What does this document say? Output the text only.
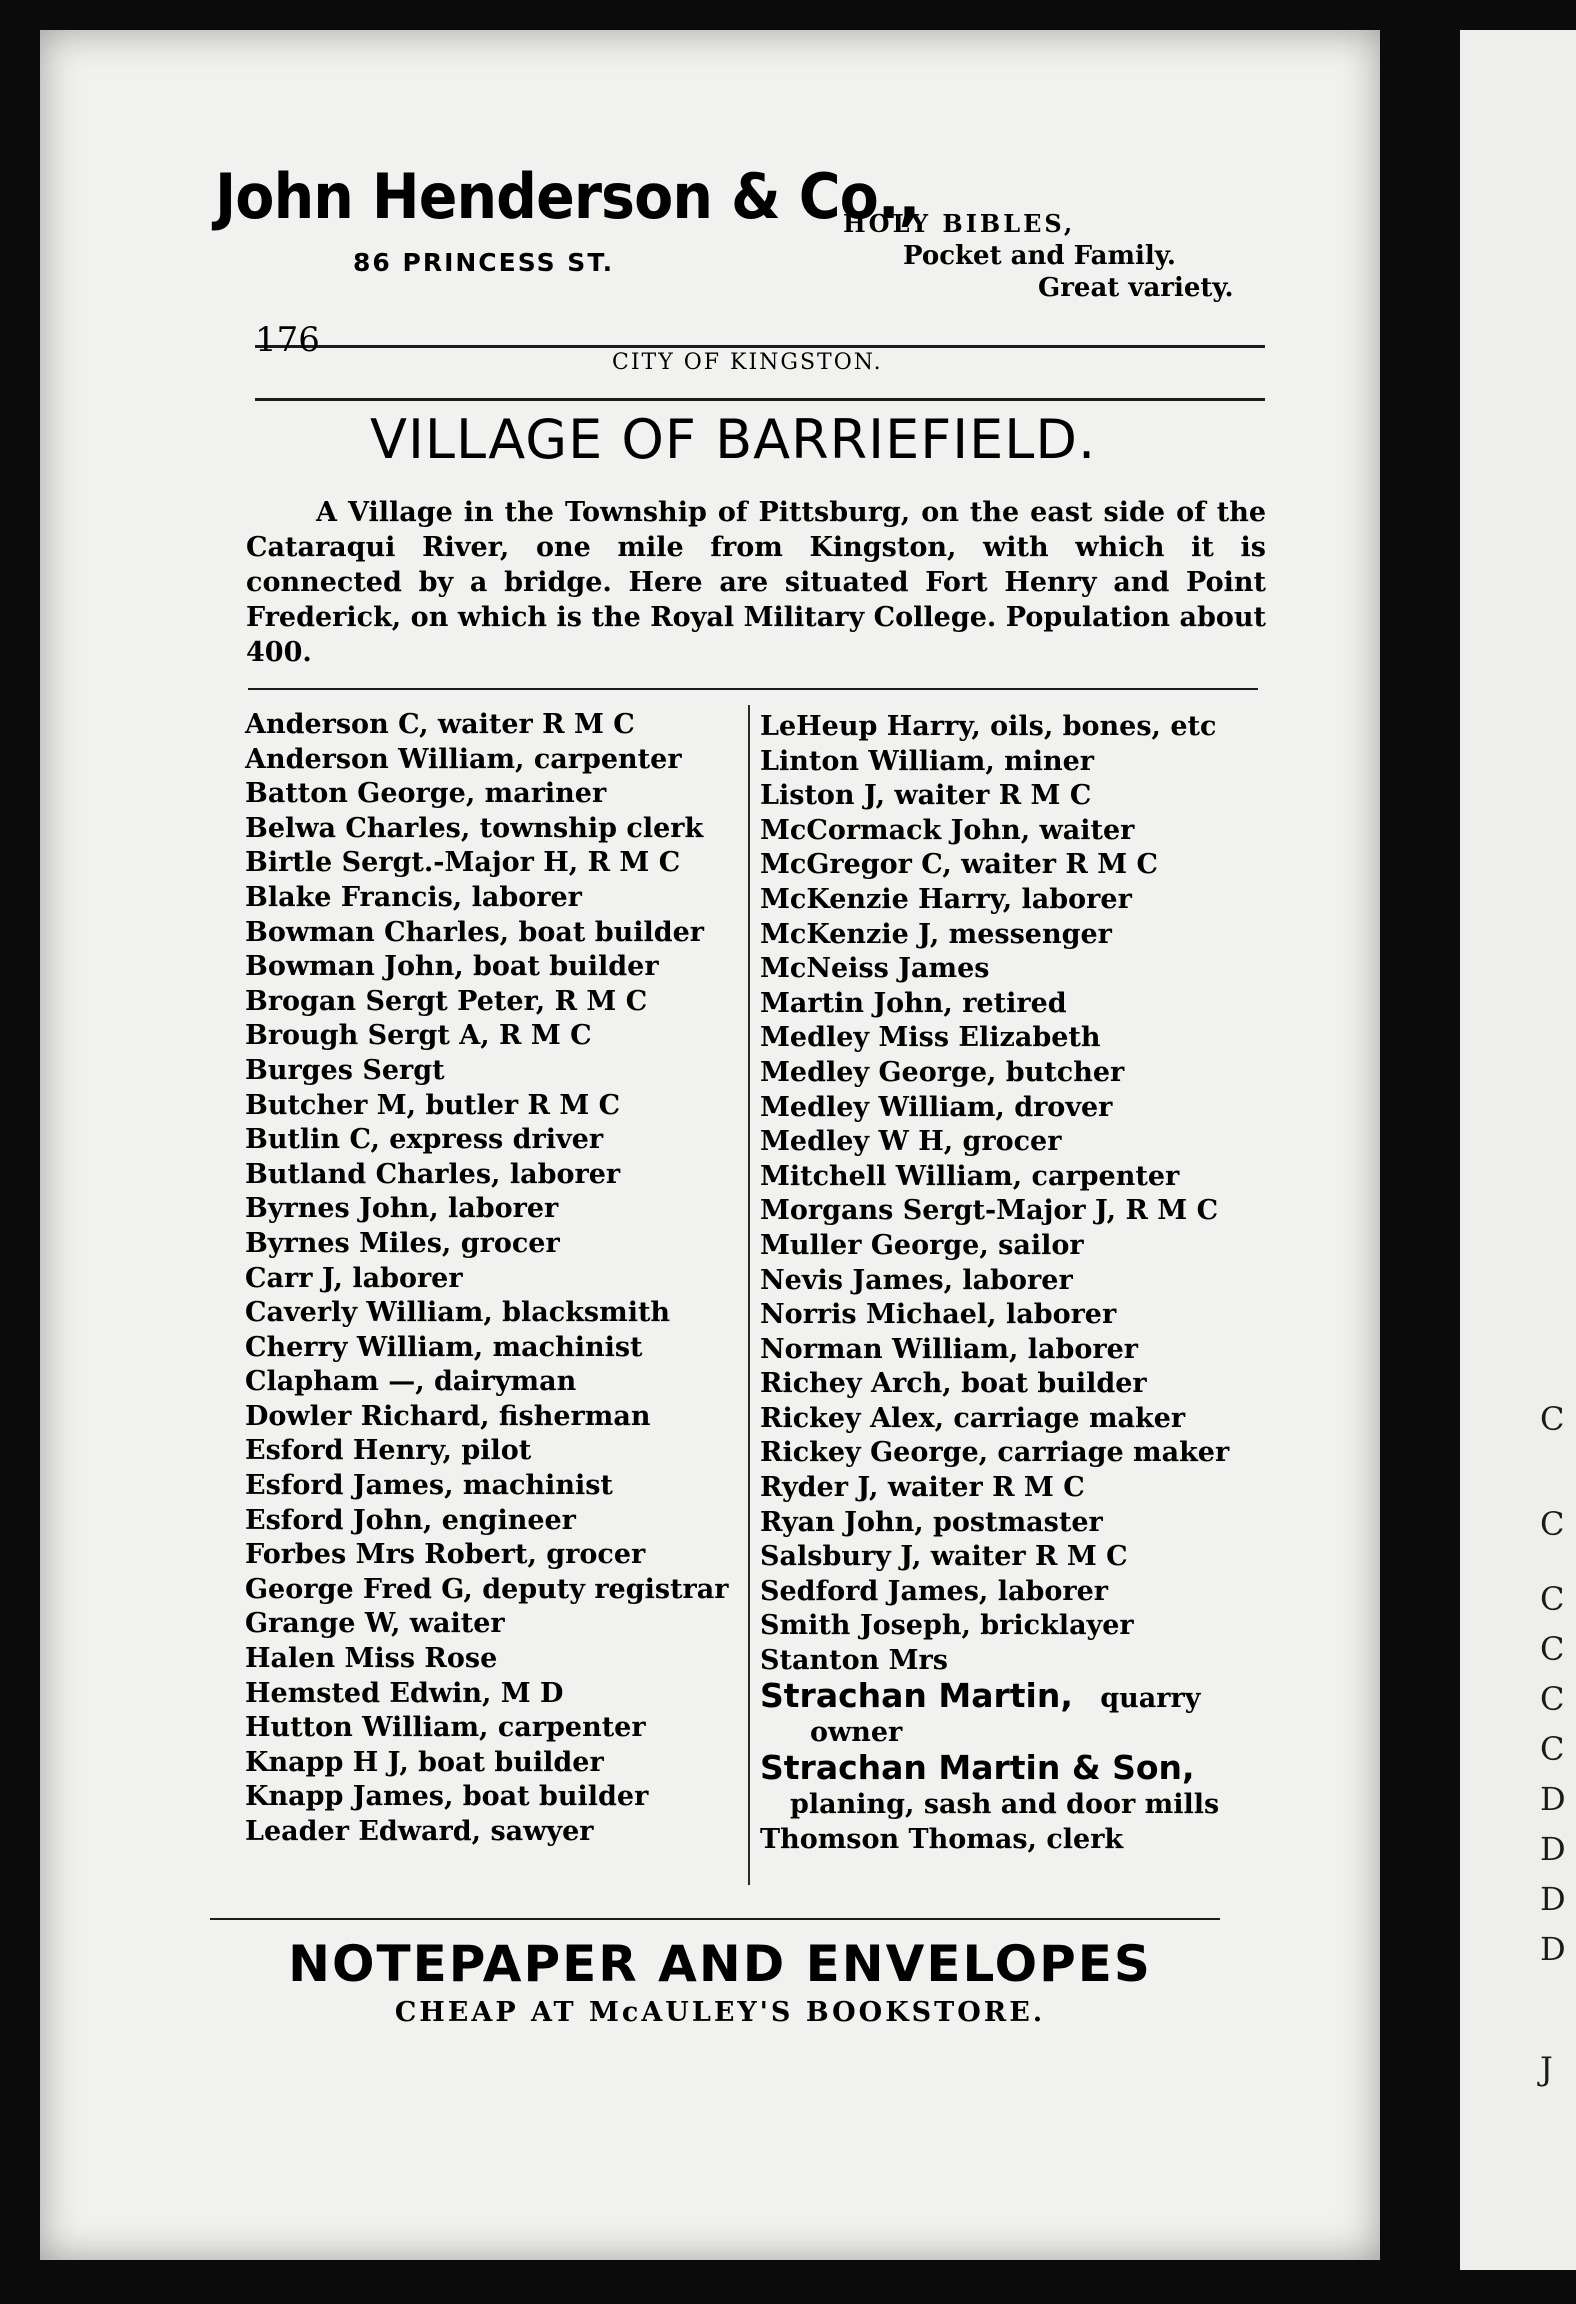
C
C
C
C
C
C
D
D
D
D
J
John Henderson & Co.,
86 PRINCESS ST.
HOLY BIBLES,
Pocket and Family.
Great variety.
176
CITY OF KINGSTON.
VILLAGE OF BARRIEFIELD.
A Village in the Township of Pittsburg, on the east side of the Cataraqui River, one mile from Kingston, with which it is connected by a bridge. Here are situated Fort Henry and Point Frederick, on which is the Royal Military College. Population about 400.
Anderson C, waiter R M C
Anderson William, carpenter
Batton George, mariner
Belwa Charles, township clerk
Birtle Sergt.-Major H, R M C
Blake Francis, laborer
Bowman Charles, boat builder
Bowman John, boat builder
Brogan Sergt Peter, R M C
Brough Sergt A, R M C
Burges Sergt
Butcher M, butler R M C
Butlin C, express driver
Butland Charles, laborer
Byrnes John, laborer
Byrnes Miles, grocer
Carr J, laborer
Caverly William, blacksmith
Cherry William, machinist
Clapham —, dairyman
Dowler Richard, fisherman
Esford Henry, pilot
Esford James, machinist
Esford John, engineer
Forbes Mrs Robert, grocer
George Fred G, deputy registrar
Grange W, waiter
Halen Miss Rose
Hemsted Edwin, M D
Hutton William, carpenter
Knapp H J, boat builder
Knapp James, boat builder
Leader Edward, sawyer
LeHeup Harry, oils, bones, etc
Linton William, miner
Liston J, waiter R M C
McCormack John, waiter
McGregor C, waiter R M C
McKenzie Harry, laborer
McKenzie J, messenger
McNeiss James
Martin John, retired
Medley Miss Elizabeth
Medley George, butcher
Medley William, drover
Medley W H, grocer
Mitchell William, carpenter
Morgans Sergt-Major J, R M C
Muller George, sailor
Nevis James, laborer
Norris Michael, laborer
Norman William, laborer
Richey Arch, boat builder
Rickey Alex, carriage maker
Rickey George, carriage maker
Ryder J, waiter R M C
Ryan John, postmaster
Salsbury J, waiter R M C
Sedford James, laborer
Smith Joseph, bricklayer
Stanton Mrs
Strachan Martin, quarry
owner
Strachan Martin & Son,
planing, sash and door mills
Thomson Thomas, clerk
NOTEPAPER AND ENVELOPES
CHEAP AT McAULEY'S BOOKSTORE.
